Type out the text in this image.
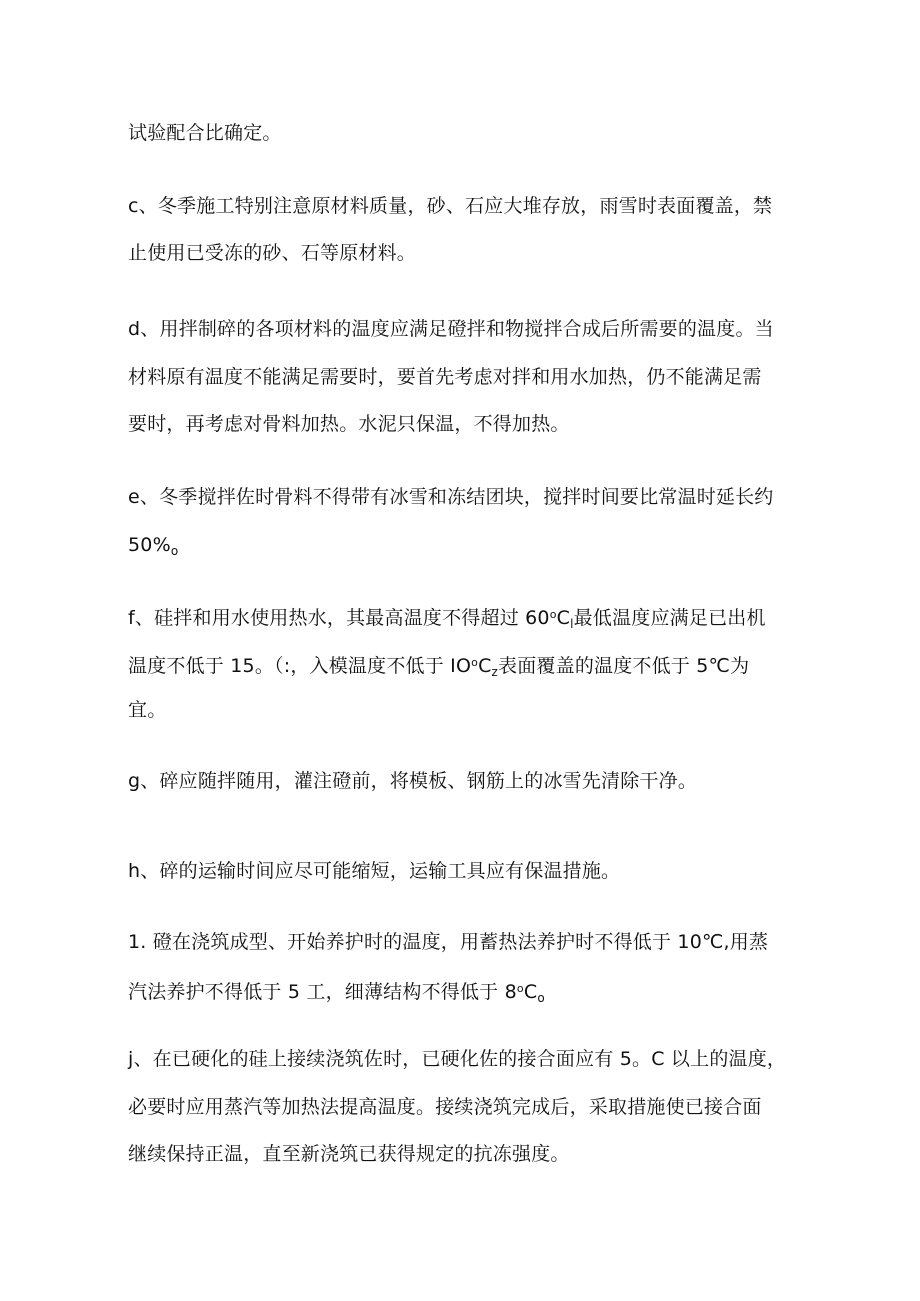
试验配合比确定。
c、冬季施工特别注意原材料质量，砂、石应大堆存放，雨雪时表面覆盖，禁
止使用已受冻的砂、石等原材料。
d、用拌制碎的各项材料的温度应满足磴拌和物搅拌合成后所需要的温度。当
材料原有温度不能满足需要时，要首先考虑对拌和用水加热，仍不能满足需
要时，再考虑对骨料加热。水泥只保温，不得加热。
e、冬季搅拌佐时骨料不得带有冰雪和冻结团块，搅拌时间要比常温时延长约
$50\%_o$
f、硅拌和用水使用热水，其最高温度不得超过 $60^oC_l$最低温度应满足已出机
温度不低于 15。（:，入模温度不低于 $IO^oC_z$表面覆盖的温度不低于 5℃为
宜。
g、碎应随拌随用，灌注磴前，将模板、钢筋上的冰雪先清除干净。
h、碎的运输时间应尽可能缩短，运输工具应有保温措施。
1. 磴在浇筑成型、开始养护时的温度，用蓄热法养护时不得低于 10℃,用蒸
汽法养护不得低于 5 工，细薄结构不得低于 $8^oC_o$
j、在已硬化的硅上接续浇筑佐时，已硬化佐的接合面应有 5。C 以上的温度，
必要时应用蒸汽等加热法提高温度。接续浇筑完成后，采取措施使已接合面
继续保持正温，直至新浇筑已获得规定的抗冻强度。
